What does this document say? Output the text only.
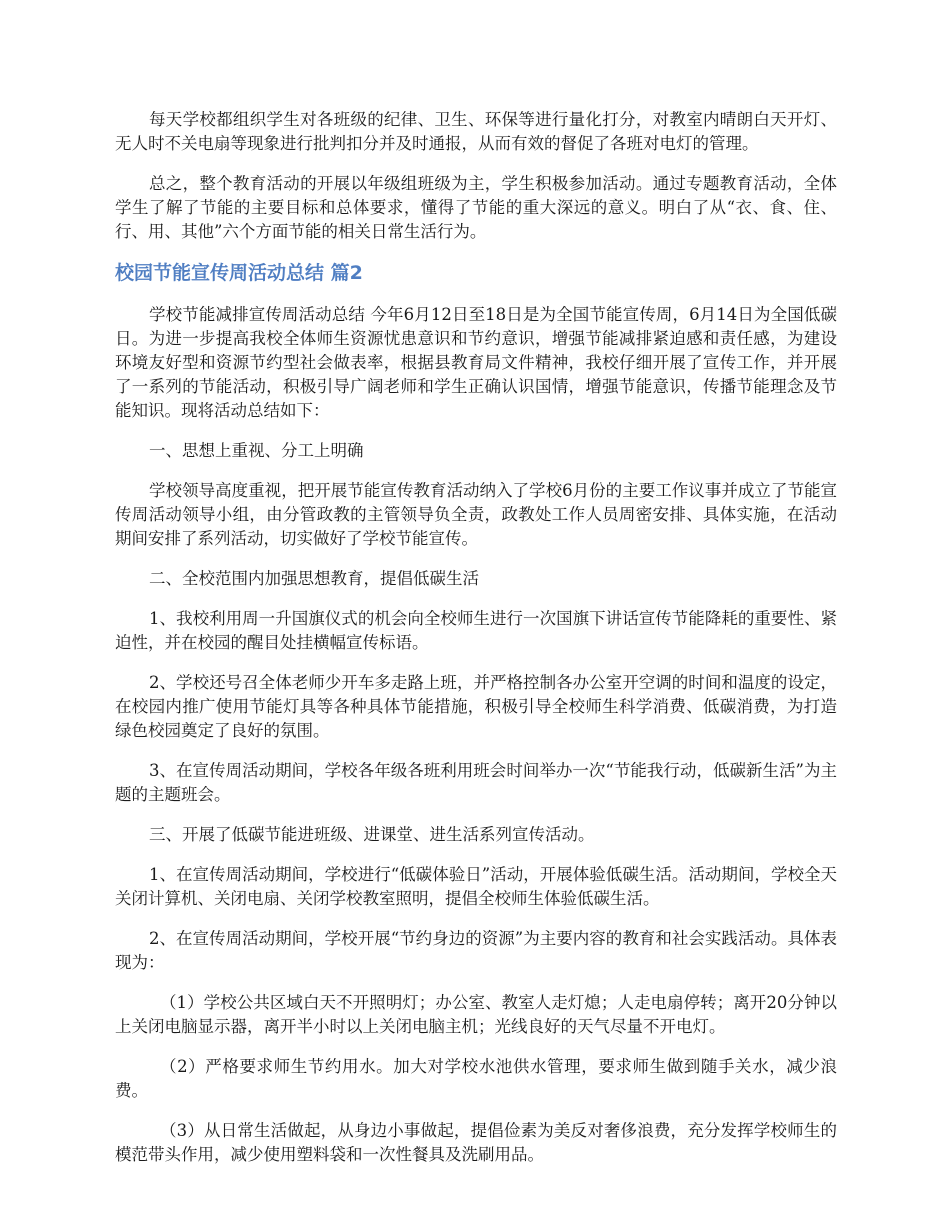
每天学校都组织学生对各班级的纪律、卫生、环保等进行量化打分，对教室内晴朗白天开灯、无人时不关电扇等现象进行批判扣分并及时通报，从而有效的督促了各班对电灯的管理。

总之，整个教育活动的开展以年级组班级为主，学生积极参加活动。通过专题教育活动，全体学生了解了节能的主要目标和总体要求，懂得了节能的重大深远的意义。明白了从“衣、食、住、行、用、其他”六个方面节能的相关日常生活行为。

校园节能宣传周活动总结 篇2

学校节能减排宣传周活动总结 今年6月12日至18日是为全国节能宣传周，6月14日为全国低碳日。为进一步提高我校全体师生资源忧患意识和节约意识，增强节能减排紧迫感和责任感，为建设环境友好型和资源节约型社会做表率，根据县教育局文件精神，我校仔细开展了宣传工作，并开展了一系列的节能活动，积极引导广阔老师和学生正确认识国情，增强节能意识，传播节能理念及节能知识。现将活动总结如下：

一、思想上重视、分工上明确

学校领导高度重视，把开展节能宣传教育活动纳入了学校6月份的主要工作议事并成立了节能宣传周活动领导小组，由分管政教的主管领导负全责，政教处工作人员周密安排、具体实施，在活动期间安排了系列活动，切实做好了学校节能宣传。

二、全校范围内加强思想教育，提倡低碳生活

1、我校利用周一升国旗仪式的机会向全校师生进行一次国旗下讲话宣传节能降耗的重要性、紧迫性，并在校园的醒目处挂横幅宣传标语。

2、学校还号召全体老师少开车多走路上班，并严格控制各办公室开空调的时间和温度的设定，在校园内推广使用节能灯具等各种具体节能措施，积极引导全校师生科学消费、低碳消费，为打造绿色校园奠定了良好的氛围。

3、在宣传周活动期间，学校各年级各班利用班会时间举办一次“节能我行动，低碳新生活”为主题的主题班会。

三、开展了低碳节能进班级、进课堂、进生活系列宣传活动。

1、在宣传周活动期间，学校进行“低碳体验日”活动，开展体验低碳生活。活动期间，学校全天关闭计算机、关闭电扇、关闭学校教室照明，提倡全校师生体验低碳生活。

2、在宣传周活动期间，学校开展“节约身边的资源”为主要内容的教育和社会实践活动。具体表现为：

（1）学校公共区域白天不开照明灯；办公室、教室人走灯熄；人走电扇停转；离开20分钟以上关闭电脑显示器，离开半小时以上关闭电脑主机；光线良好的天气尽量不开电灯。

（2）严格要求师生节约用水。加大对学校水池供水管理，要求师生做到随手关水，减少浪费。

（3）从日常生活做起，从身边小事做起，提倡俭素为美反对奢侈浪费，充分发挥学校师生的模范带头作用，减少使用塑料袋和一次性餐具及洗刷用品。
